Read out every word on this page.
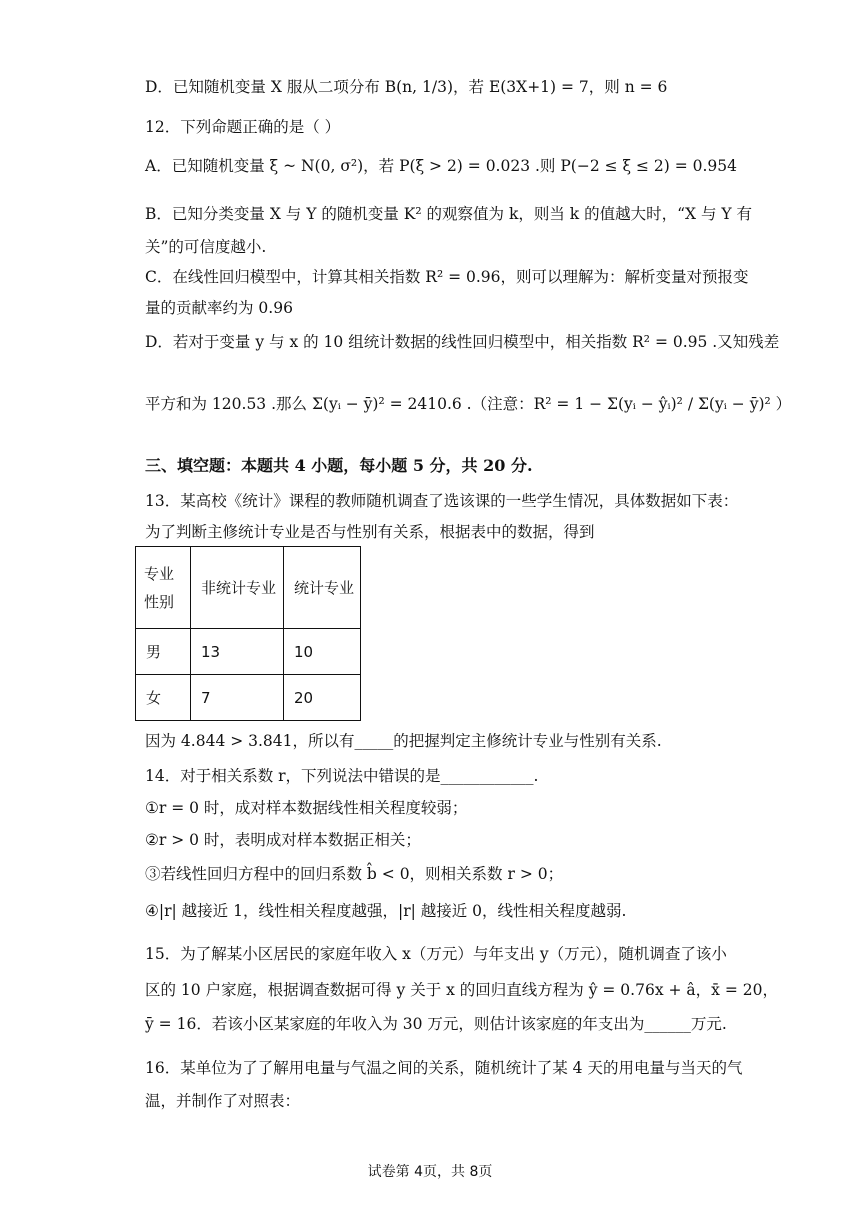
D．已知随机变量 X 服从二项分布 B(n, 1/3)，若 E(3X+1) = 7，则 n = 6
12．下列命题正确的是（ ）
A．已知随机变量 ξ ~ N(0, σ²)，若 P(ξ > 2) = 0.023 .则 P(−2 ≤ ξ ≤ 2) = 0.954
B．已知分类变量 X 与 Y 的随机变量 K² 的观察值为 k，则当 k 的值越大时，“X 与 Y 有
关”的可信度越小.
C．在线性回归模型中，计算其相关指数 R² = 0.96，则可以理解为：解析变量对预报变
量的贡献率约为 0.96
D．若对于变量 y 与 x 的 10 组统计数据的线性回归模型中，相关指数 R² = 0.95 .又知残差
平方和为 120.53 .那么 Σ(yᵢ − ȳ)² = 2410.6 .（注意：R² = 1 − Σ(yᵢ − ŷᵢ)² / Σ(yᵢ − ȳ)² ）
三、填空题：本题共 4 小题，每小题 5 分，共 20 分.
13．某高校《统计》课程的教师随机调查了选该课的一些学生情况，具体数据如下表：
为了判断主修统计专业是否与性别有关系，根据表中的数据，得到
专业
性别	非统计专业	统计专业
男	13	10
女	7	20
因为 4.844 > 3.841，所以有_____的把握判定主修统计专业与性别有关系.
14．对于相关系数 r，下列说法中错误的是____________.
①r = 0 时，成对样本数据线性相关程度较弱；
②r > 0 时，表明成对样本数据正相关；
③若线性回归方程中的回归系数 b̂ < 0，则相关系数 r > 0；
④|r| 越接近 1，线性相关程度越强，|r| 越接近 0，线性相关程度越弱.
15．为了解某小区居民的家庭年收入 x（万元）与年支出 y（万元），随机调查了该小
区的 10 户家庭，根据调查数据可得 y 关于 x 的回归直线方程为 ŷ = 0.76x + â，x̄ = 20，
ȳ = 16．若该小区某家庭的年收入为 30 万元，则估计该家庭的年支出为______万元.
16．某单位为了了解用电量与气温之间的关系，随机统计了某 4 天的用电量与当天的气
温，并制作了对照表：
试卷第 4页，共 8页
